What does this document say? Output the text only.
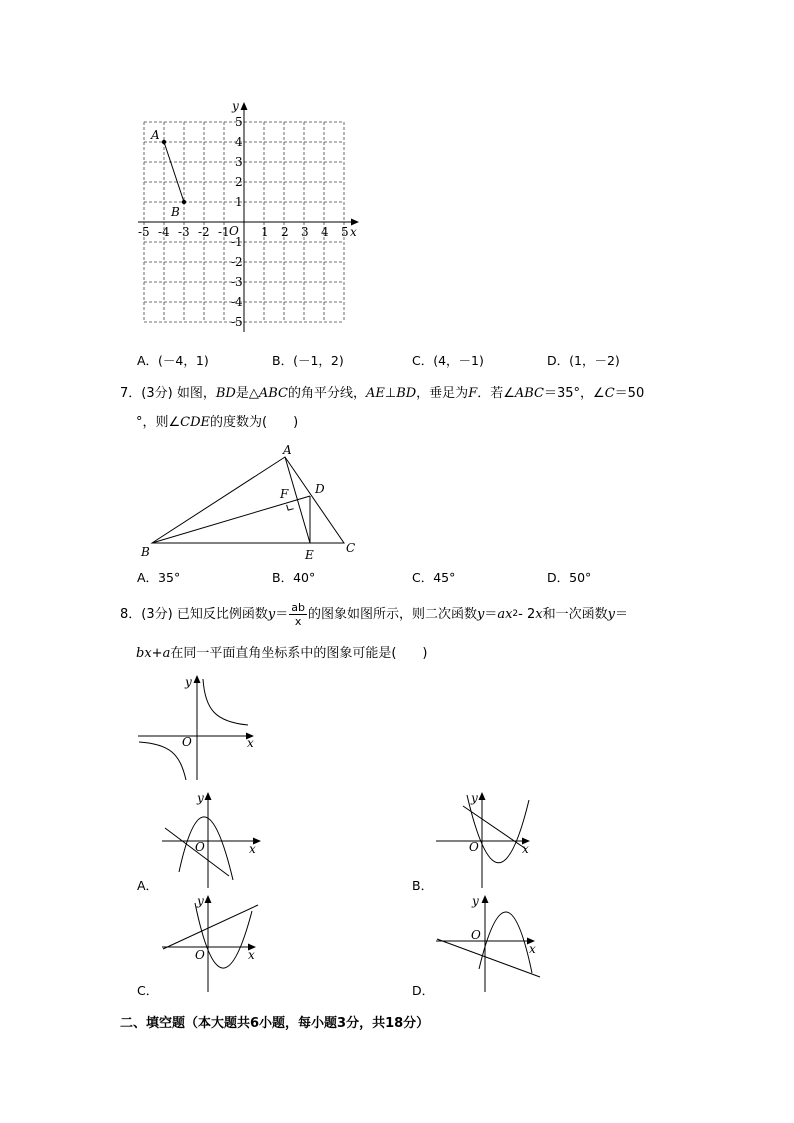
-5 -4 -3 -2 -1	1 2 3 4 5
5
4
3
2
1
-1
-2
-3
-4
-5
y
x
O
A
B
A．(－4，1)	B．(－1，2)	C．(4，－1)	D．(1，－2)
7．(3分) 如图，BD是△ABC的角平分线，AE⊥BD，垂足为F．若∠ABC＝35°，∠C＝50
°，则∠CDE的度数为(　　)
A
B	C
D
E
F
A．35°	B．40°	C．45°	D．50°
8．(3分) 已知反比例函数 $y = \frac{ab}{x}$ 的图象如图所示，则二次函数 y ＝ ax 2 - 2 x 和一次函数 y ＝
bx+a在同一平面直角坐标系中的图象可能是(　　)
y
x
O
y
x
O
A．
y
x
O
B．
y
x
O
C．
y
x
O
D．
二、填空题（本大题共6小题，每小题3分，共18分）
